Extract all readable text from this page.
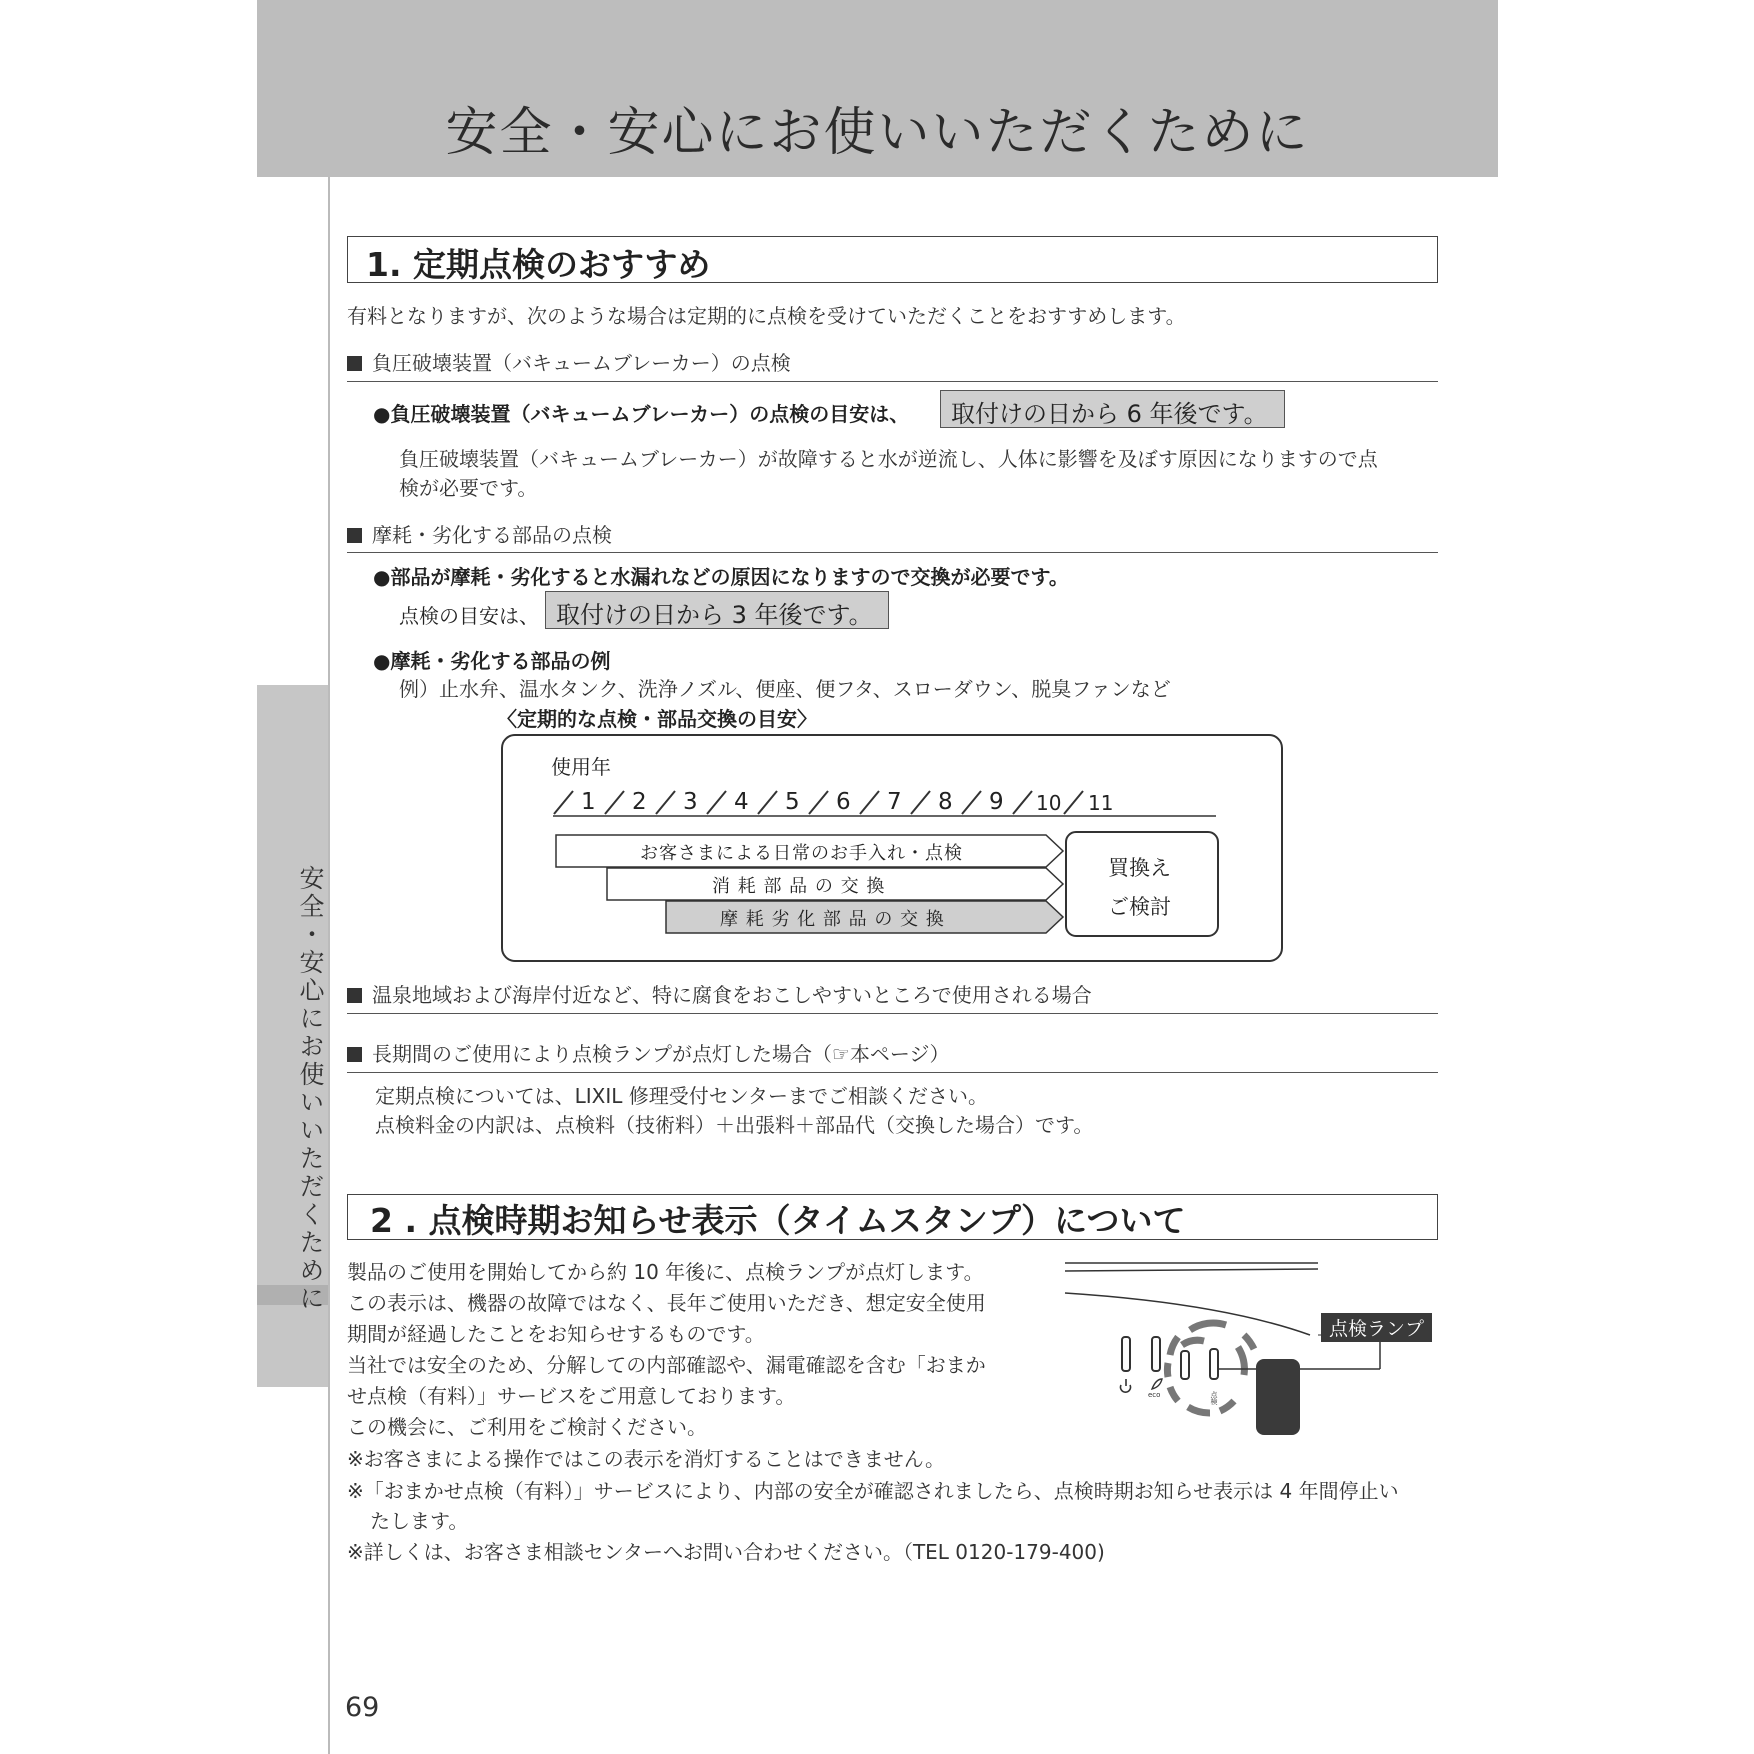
安全・安心にお使いいただくために
安全・安心にお使いいただくために
1. 定期点検のおすすめ
有料となりますが、次のような場合は定期的に点検を受けていただくことをおすすめします。
負圧破壊装置（バキュームブレーカー）の点検
●負圧破壊装置（バキュームブレーカー）の点検の目安は、	取付けの日から 6 年後です。
負圧破壊装置（バキュームブレーカー）が故障すると水が逆流し、人体に影響を及ぼす原因になりますので点
検が必要です。
摩耗・劣化する部品の点検
●部品が摩耗・劣化すると水漏れなどの原因になりますので交換が必要です。
点検の目安は、 取付けの日から 3 年後です。
●摩耗・劣化する部品の例
例）止水弁、温水タンク、洗浄ノズル、便座、便フタ、スローダウン、脱臭ファンなど
〈定期的な点検・部品交換の目安〉
使用年
1 2 3 4 5 6 7 8 9 10 11
お客さまによる日常のお手入れ・点検
消 耗 部 品 の 交 換
摩 耗 劣 化 部 品 の 交 換
買換え
ご検討
温泉地域および海岸付近など、特に腐食をおこしやすいところで使用される場合
長期間のご使用により点検ランプが点灯した場合（☞本ページ）
定期点検については、LIXIL 修理受付センターまでご相談ください。
点検料金の内訳は、点検料（技術料）＋出張料＋部品代（交換した場合）です。
2 . 点検時期お知らせ表示（タイムスタンプ）について
製品のご使用を開始してから約 10 年後に、点検ランプが点灯します。
この表示は、機器の故障ではなく、長年ご使用いただき、想定安全使用
期間が経過したことをお知らせするものです。
当社では安全のため、分解しての内部確認や、漏電確認を含む「おまか
せ点検（有料）」サービスをご用意しております。
この機会に、ご利用をご検討ください。
※お客さまによる操作ではこの表示を消灯することはできません。
※「おまかせ点検（有料）」サービスにより、内部の安全が確認されましたら、点検時期お知らせ表示は 4 年間停止い
たします。
※詳しくは、お客さま相談センターへお問い合わせください。（TEL 0120-179-400)
eco	点検
点検ランプ
69
